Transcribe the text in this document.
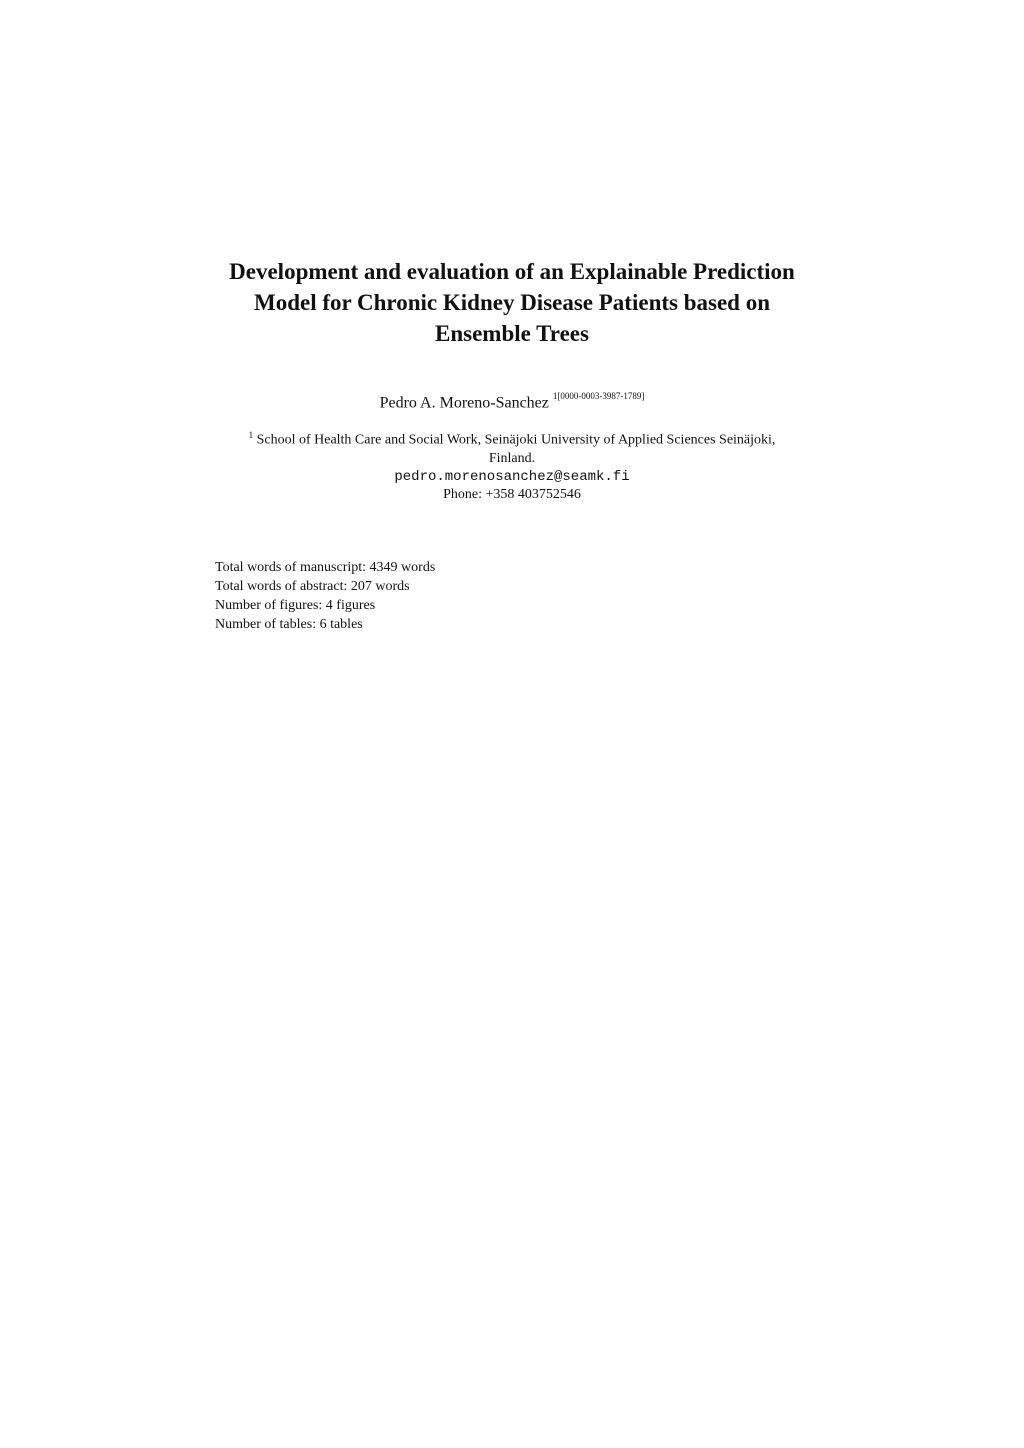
Development and evaluation of an Explainable Prediction
Model for Chronic Kidney Disease Patients based on
Ensemble Trees
Pedro A. Moreno-Sanchez $^{1[0000-0003-3987-1789]}$
$^1$ School of Health Care and Social Work, Seinäjoki University of Applied Sciences Seinäjoki,
Finland.
pedro.morenosanchez@seamk.fi
Phone: +358 403752546
Total words of manuscript: 4349 words
Total words of abstract: 207 words
Number of figures: 4 figures
Number of tables: 6 tables
